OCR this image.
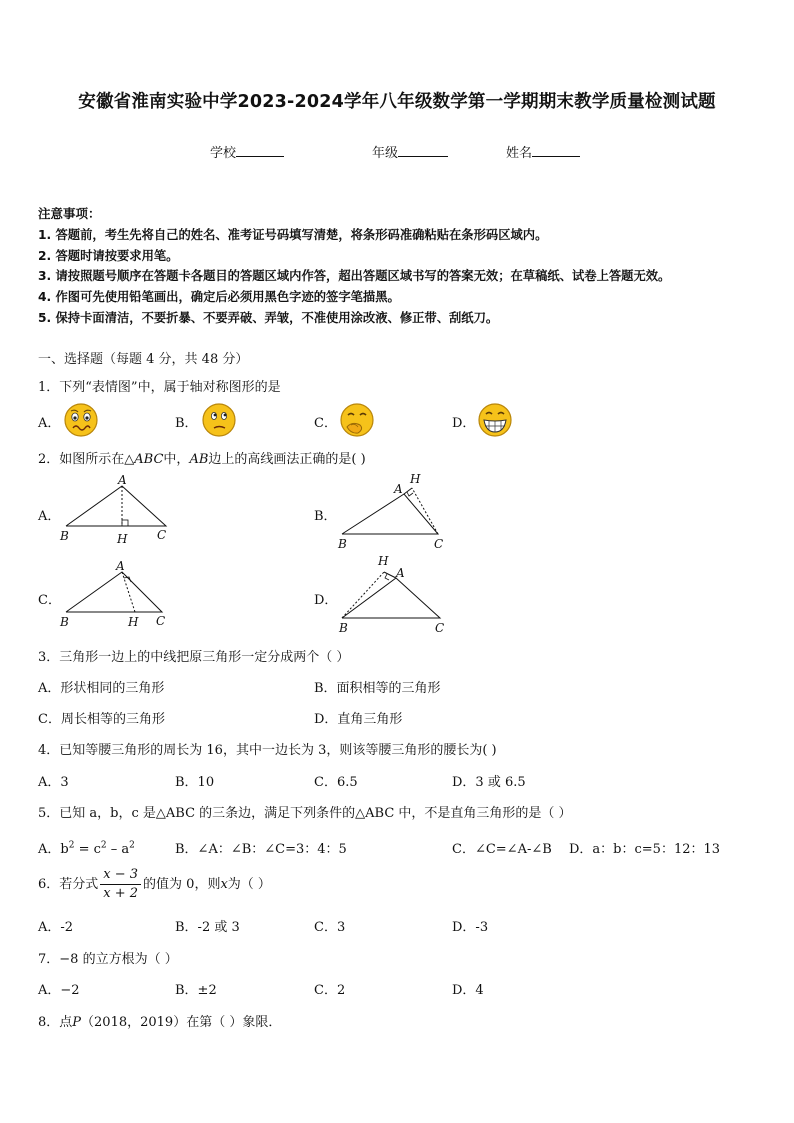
安徽省淮南实验中学2023-2024学年八年级数学第一学期期末教学质量检测试题
学校	年级	姓名
注意事项：
1. 答题前，考生先将自己的姓名、准考证号码填写清楚，将条形码准确粘贴在条形码区域内。
2. 答题时请按要求用笔。
3. 请按照题号顺序在答题卡各题目的答题区域内作答，超出答题区域书写的答案无效；在草稿纸、试卷上答题无效。
4. 作图可先使用铅笔画出，确定后必须用黑色字迹的签字笔描黑。
5. 保持卡面清洁，不要折暴、不要弄破、弄皱，不准使用涂改液、修正带、刮纸刀。
一、选择题（每题 4 分，共 48 分）
1．下列“表情图”中，属于轴对称图形的是
A．	B．	C．	D．
2．如图所示在△ABC中，AB边上的高线画法正确的是( )
A．	B．
C．	D．
A
B	H C
A
H
B	C
A
B	H C
H
A
B	C
3．三角形一边上的中线把原三角形一定分成两个（ ）
A．形状相同的三角形	B．面积相等的三角形
C．周长相等的三角形	D．直角三角形
4．已知等腰三角形的周长为 16，其中一边长为 3，则该等腰三角形的腰长为( )
A．3	B．10	C．6.5	D．3 或 6.5
5．已知 a，b，c 是△ABC 的三条边，满足下列条件的△ABC 中，不是直角三角形的是（ ）
A．$b^2 = c^2 - a^2$	B．∠A：∠B：∠C=3：4：5	C．∠C=∠A-∠B D．a：b：c=5：12：13
6．若分式 $\frac{x - 3}{x + 2}$ 的值为 0，则x为（ ）
A．-2	B．-2 或 3	C．3	D．-3
7．−8 的立方根为（ ）
A．−2	B．±2	C．2	D．4
8．点P（2018，2019）在第（ ）象限．
